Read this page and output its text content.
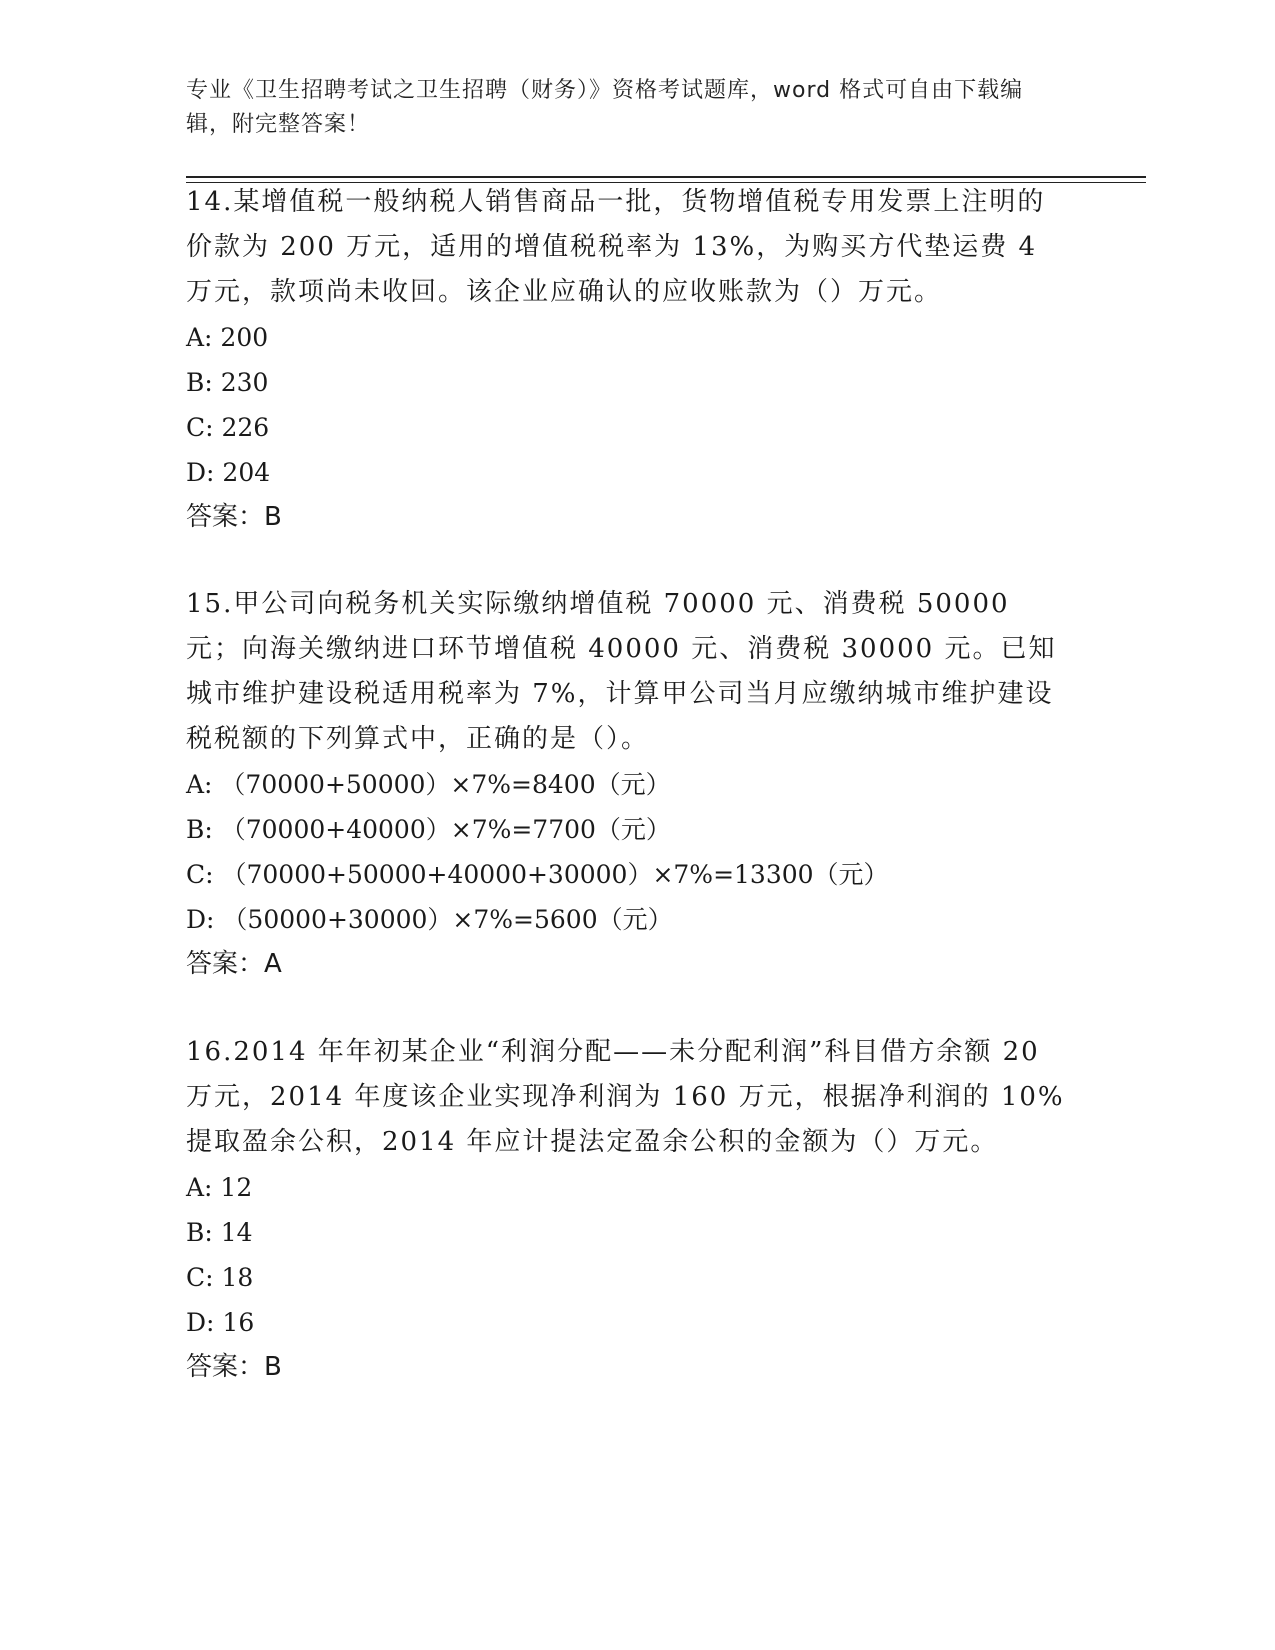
专业《卫生招聘考试之卫生招聘（财务）》资格考试题库，word 格式可自由下载编辑，附完整答案！

14.某增值税一般纳税人销售商品一批，货物增值税专用发票上注明的价款为 200 万元，适用的增值税税率为 13%，为购买方代垫运费 4 万元，款项尚未收回。该企业应确认的应收账款为（）万元。

A: 200

B: 230

C: 226

D: 204

答案：B

15.甲公司向税务机关实际缴纳增值税 70000 元、消费税 50000 元；向海关缴纳进口环节增值税 40000 元、消费税 30000 元。已知城市维护建设税适用税率为 7%，计算甲公司当月应缴纳城市维护建设税税额的下列算式中，正确的是（）。

A: （70000+50000）×7%=8400（元）

B: （70000+40000）×7%=7700（元）

C: （70000+50000+40000+30000）×7%=13300（元）

D: （50000+30000）×7%=5600（元）

答案：A

16.2014 年年初某企业“利润分配——未分配利润”科目借方余额 20 万元，2014 年度该企业实现净利润为 160 万元，根据净利润的 10%提取盈余公积，2014 年应计提法定盈余公积的金额为（）万元。

A: 12

B: 14

C: 18

D: 16

答案：B
